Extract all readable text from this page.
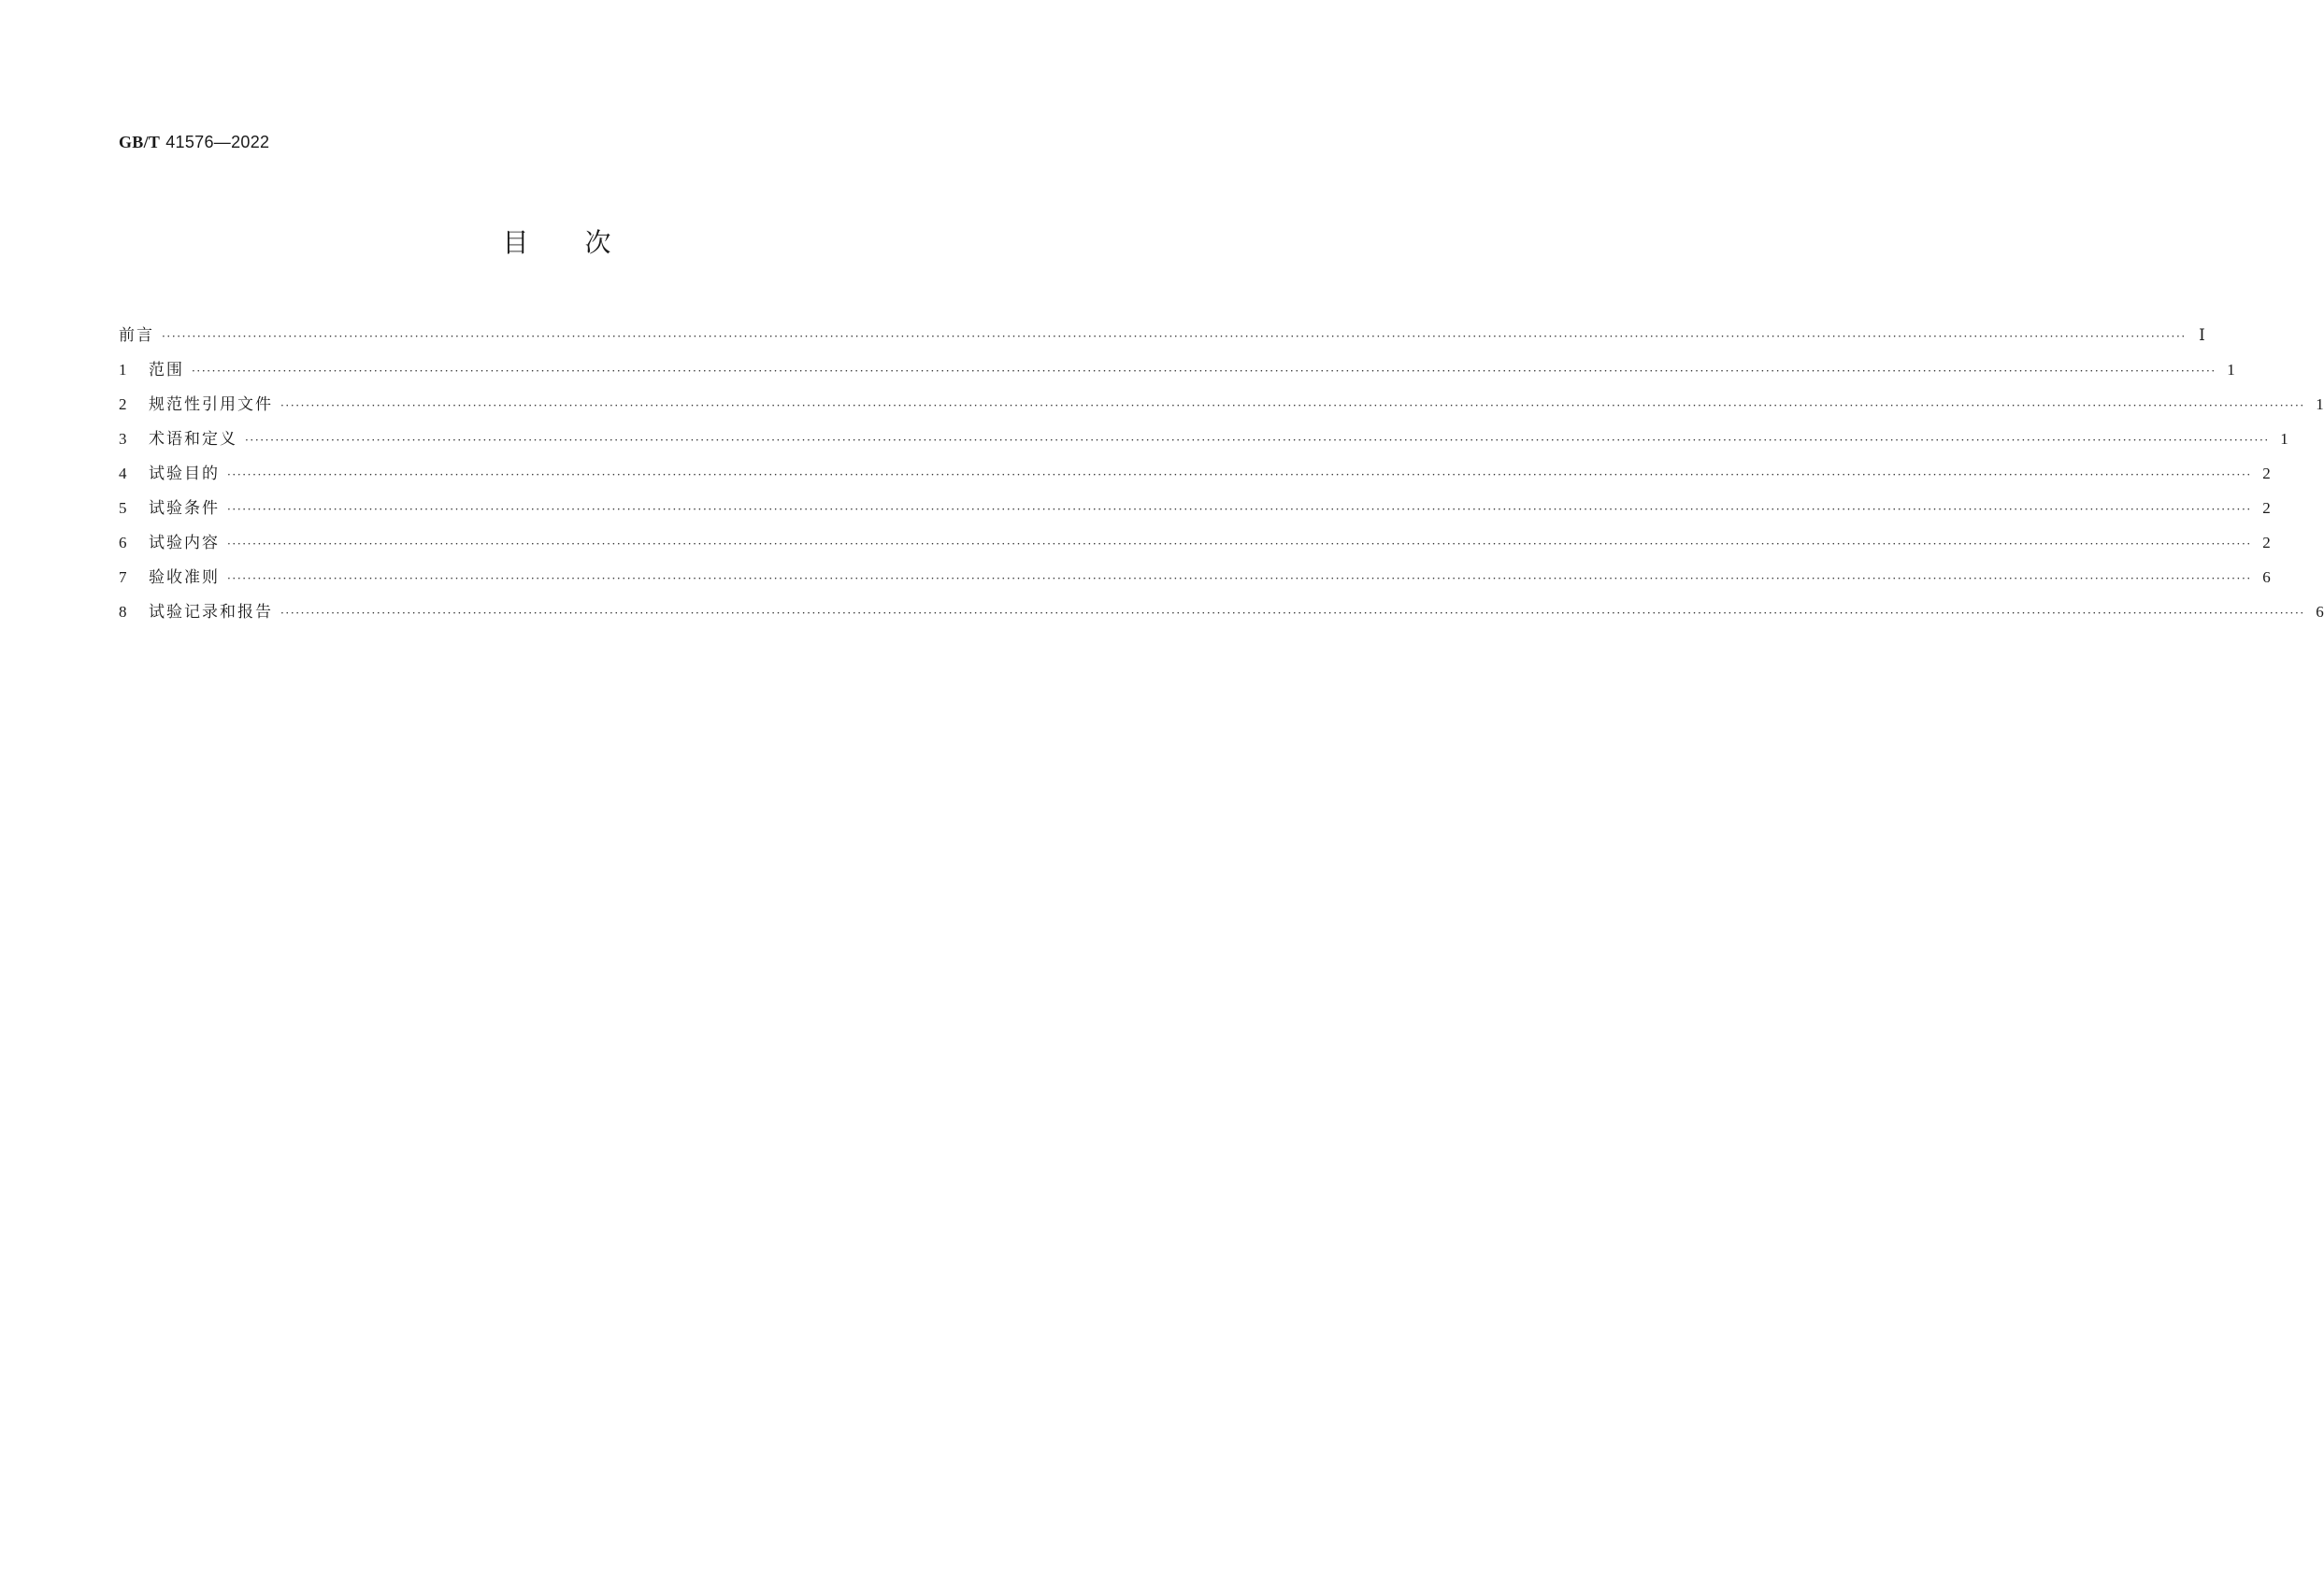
GB/T 41576—2022
目次
前言 ················································································································································································································································································································································································································ Ⅰ
1	范围 ················································································································································································································································································································································································································ 1
2	规范性引用文件 ················································································································································································································································································································································································································ 1
3	术语和定义 ················································································································································································································································································································································································································ 1
4	试验目的 ················································································································································································································································································································································································································ 2
5	试验条件 ················································································································································································································································································································································································································ 2
6	试验内容 ················································································································································································································································································································································································································ 2
7	验收准则 ················································································································································································································································································································································································································ 6
8	试验记录和报告 ················································································································································································································································································································································································································ 6
